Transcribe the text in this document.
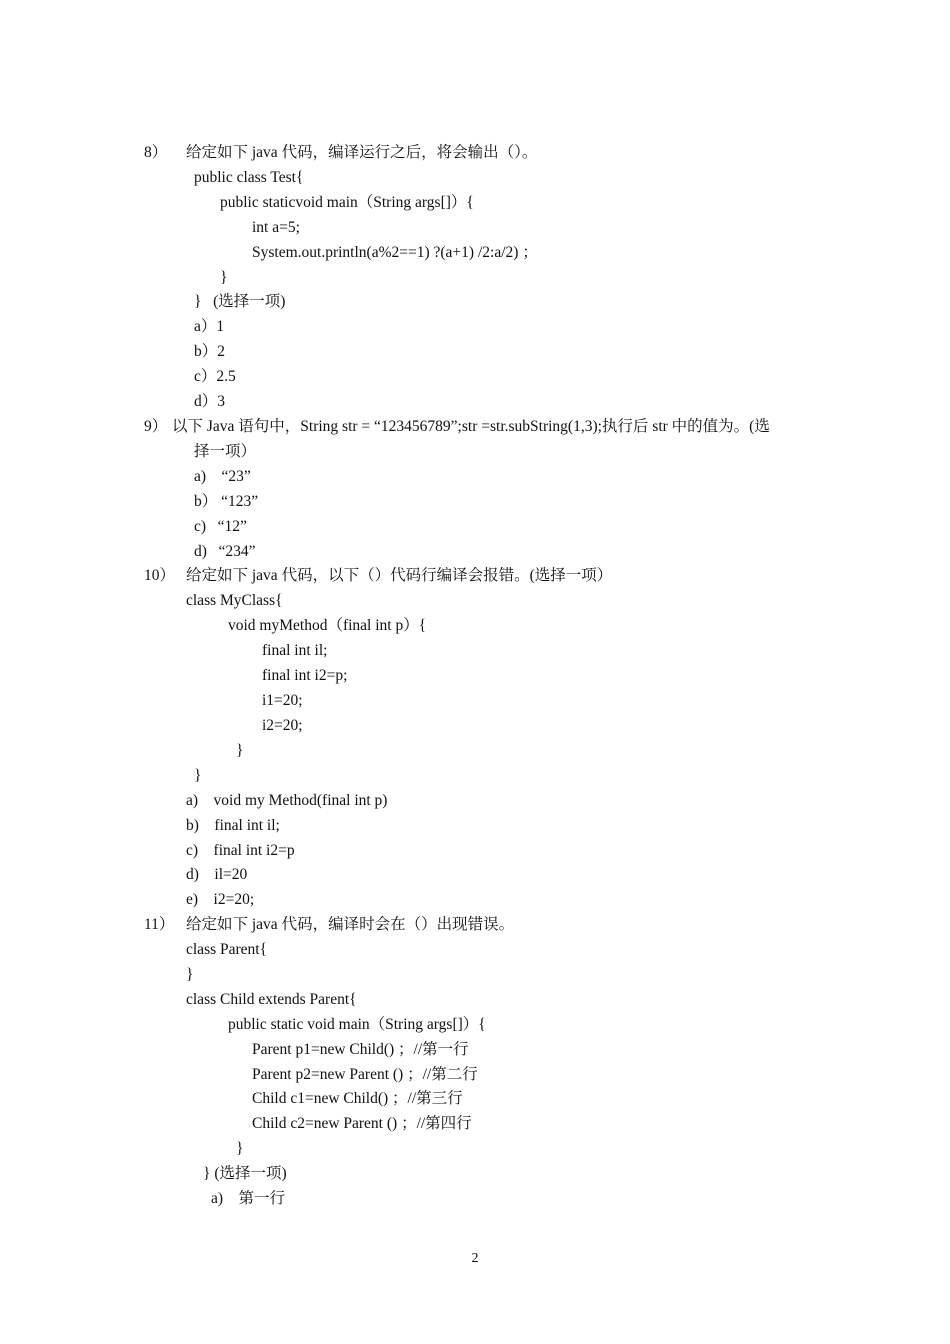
8） 给定如下 java 代码，编译运行之后，将会输出（）。
public class Test{
public staticvoid main（String args[]）{
int a=5;
System.out.println(a%2==1) ?(a+1) /2:a/2) ；
}
}   (选择一项)
a）1
b）2
c）2.5
d）3
9） 以下 Java 语句中，String str = “123456789”;str =str.subString(1,3);执行后 str 中的值为。(选
择一项）
a)    “23”
b） “123”
c)   “12”
d)   “234”
10） 给定如下 java 代码，以下（）代码行编译会报错。(选择一项）
class MyClass{
void myMethod（final int p）{
final int il;
final int i2=p;
i1=20;
i2=20;
}
}
a)    void my Method(final int p)
b)    final int il;
c)    final int i2=p
d)    il=20
e)    i2=20;
11） 给定如下 java 代码，编译时会在（）出现错误。
class Parent{
}
class Child extends Parent{
public static void main（String args[]）{
Parent p1=new Child() ；//第一行
Parent p2=new Parent () ；//第二行
Child c1=new Child() ；//第三行
Child c2=new Parent () ；//第四行
}
} (选择一项)
a)    第一行
2
